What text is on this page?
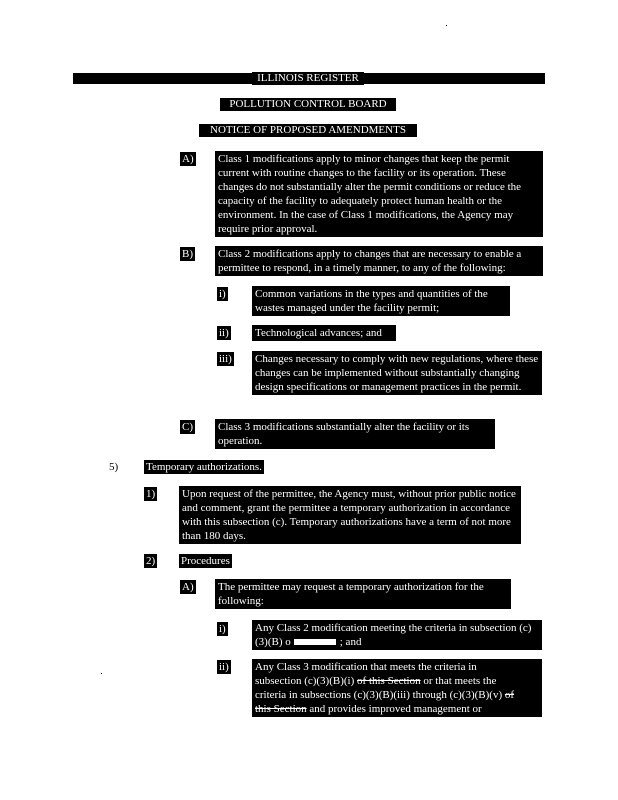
ILLINOIS REGISTER
POLLUTION CONTROL BOARD
NOTICE OF PROPOSED AMENDMENTS
A) Class 1 modifications apply to minor changes that keep the permit current with routine changes to the facility or its operation. These changes do not substantially alter the permit conditions or reduce the capacity of the facility to adequately protect human health or the environment. In the case of Class 1 modifications, the Agency may require prior approval.
B) Class 2 modifications apply to changes that are necessary to enable a permittee to respond, in a timely manner, to any of the following:
i)	Common variations in the types and quantities of the wastes managed under the facility permit;
ii) Technological advances; and
iii) Changes necessary to comply with new regulations, where these changes can be implemented without substantially changing design specifications or management practices in the permit.
C) Class 3 modifications substantially alter the facility or its operation.
5)	Temporary authorizations.
1) Upon request of the permittee, the Agency must, without prior public notice and comment, grant the permittee a temporary authorization in accordance with this subsection (c). Temporary authorizations have a term of not more than 180 days.
2) Procedures
A) The permittee may request a temporary authorization for the following:
i)	Any Class 2 modification meeting the criteria in subsection (c)(3)(B) o	; and
ii) Any Class 3 modification that meets the criteria in
subsection (c)(3)(B)(i) of this Section or that meets the
criteria in subsections (c)(3)(B)(iii) through (c)(3)(B)(v) of
this Section and provides improved management or
